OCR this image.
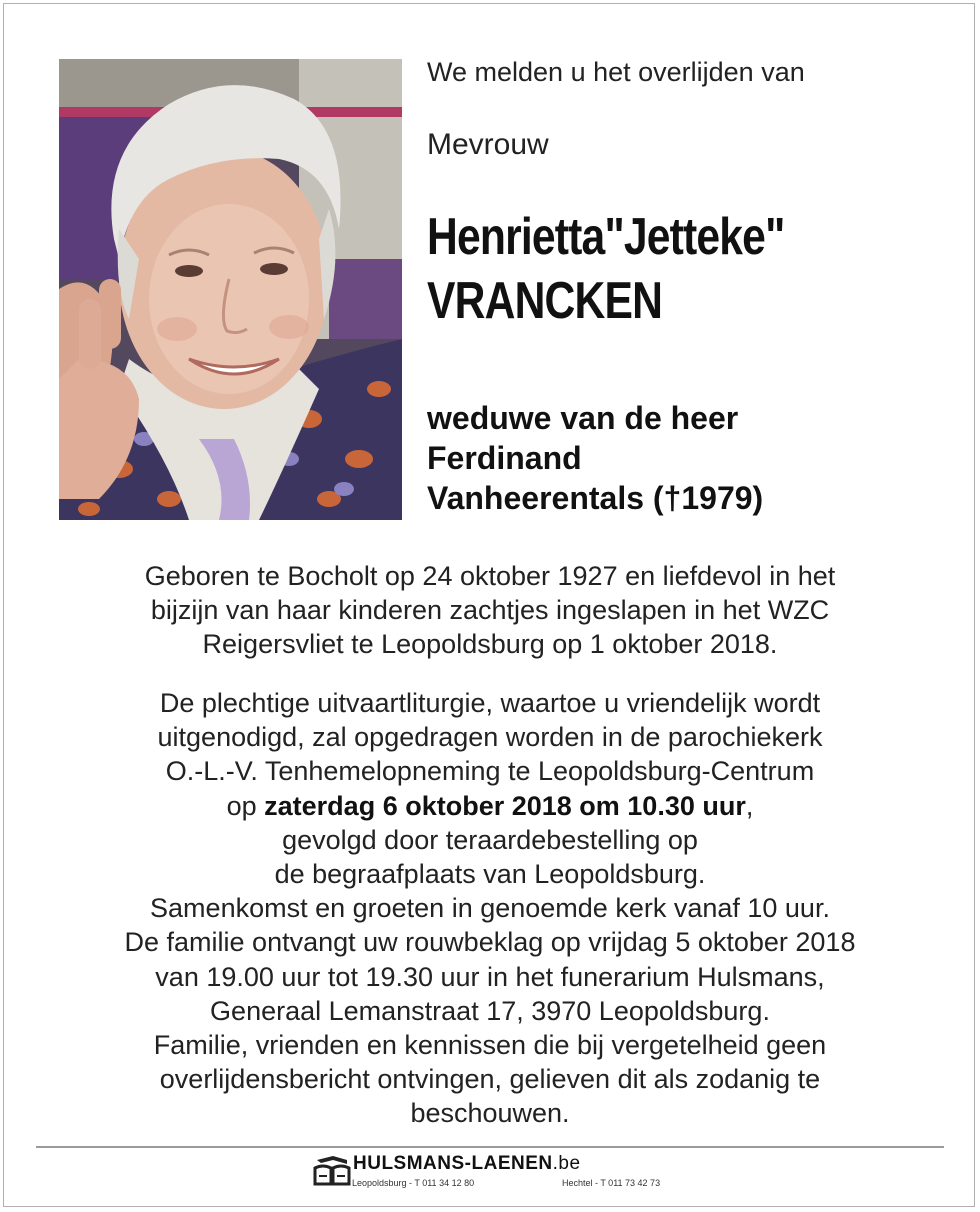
We melden u het overlijden van
Mevrouw
Henrietta"Jetteke"
VRANCKEN
weduwe van de heer
Ferdinand
Vanheerentals (†1979)
Geboren te Bocholt op 24 oktober 1927 en liefdevol in het
bijzijn van haar kinderen zachtjes ingeslapen in het WZC
Reigersvliet te Leopoldsburg op 1 oktober 2018.
De plechtige uitvaartliturgie, waartoe u vriendelijk wordt
uitgenodigd, zal opgedragen worden in de parochiekerk
O.-L.-V. Tenhemelopneming te Leopoldsburg-Centrum
op zaterdag 6 oktober 2018 om 10.30 uur,
gevolgd door teraardebestelling op
de begraafplaats van Leopoldsburg.
Samenkomst en groeten in genoemde kerk vanaf 10 uur.
De familie ontvangt uw rouwbeklag op vrijdag 5 oktober 2018
van 19.00 uur tot 19.30 uur in het funerarium Hulsmans,
Generaal Lemanstraat 17, 3970 Leopoldsburg.
Familie, vrienden en kennissen die bij vergetelheid geen
overlijdensbericht ontvingen, gelieven dit als zodanig te
beschouwen.
HULSMANS-LAENEN.be
Leopoldsburg - T 011 34 12 80	Hechtel - T 011 73 42 73
